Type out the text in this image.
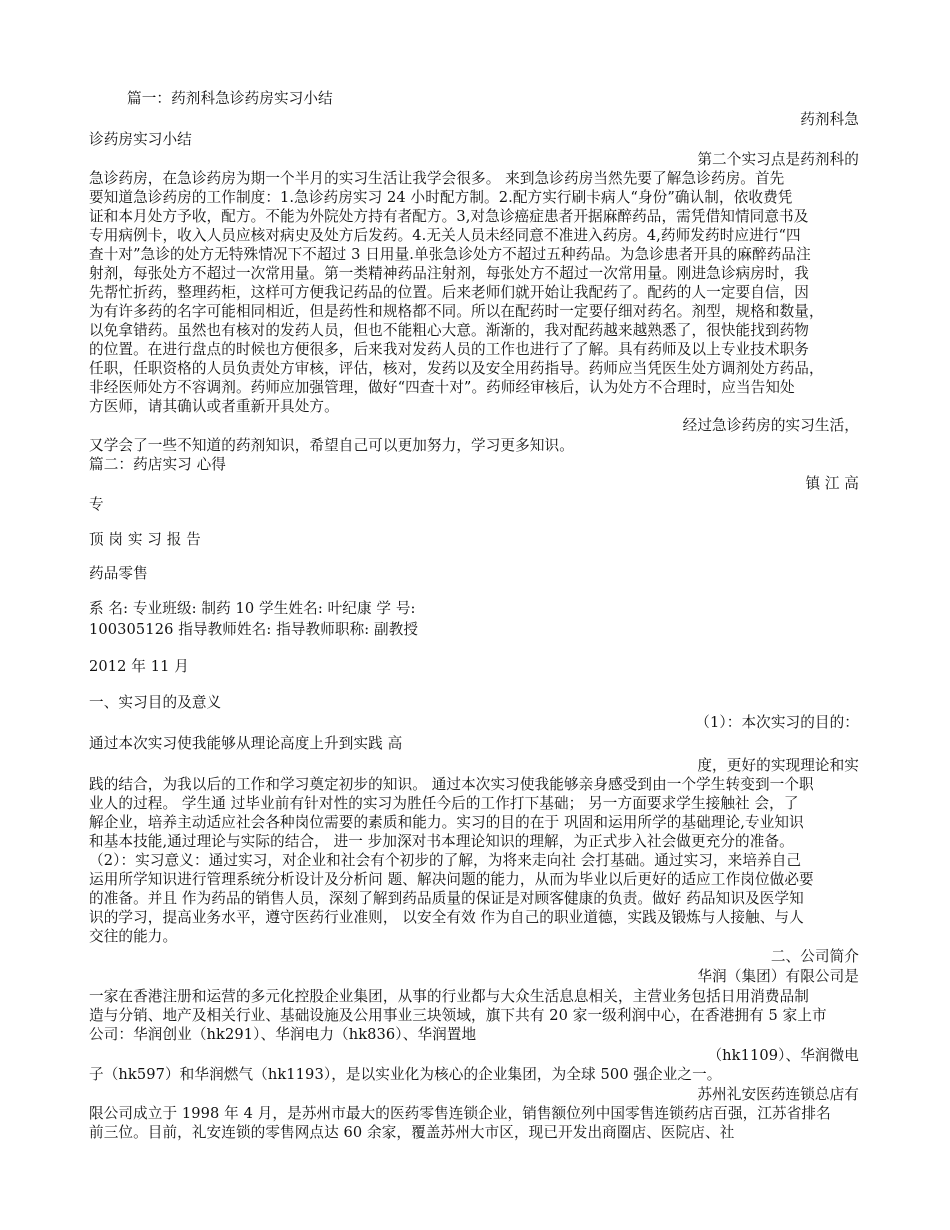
篇一：药剂科急诊药房实习小结
药剂科急
诊药房实习小结
第二个实习点是药剂科的
急诊药房，在急诊药房为期一个半月的实习生活让我学会很多。 来到急诊药房当然先要了解急诊药房。首先
要知道急诊药房的工作制度：1.急诊药房实习 24 小时配方制。2.配方实行刷卡病人“身份”确认制，依收费凭
证和本月处方予收，配方。不能为外院处方持有者配方。3,对急诊癌症患者开据麻醉药品，需凭借知情同意书及
专用病例卡，收入人员应核对病史及处方后发药。4.无关人员未经同意不准进入药房。4,药师发药时应进行“四
查十对”急诊的处方无特殊情况下不超过 3 日用量.单张急诊处方不超过五种药品。为急诊患者开具的麻醉药品注
射剂，每张处方不超过一次常用量。第一类精神药品注射剂，每张处方不超过一次常用量。刚进急诊病房时，我
先帮忙折药，整理药柜，这样可方便我记药品的位置。后来老师们就开始让我配药了。配药的人一定要自信，因
为有许多药的名字可能相同相近，但是药性和规格都不同。所以在配药时一定要仔细对药名。剂型，规格和数量，
以免拿错药。虽然也有核对的发药人员，但也不能粗心大意。渐渐的，我对配药越来越熟悉了，很快能找到药物
的位置。在进行盘点的时候也方便很多，后来我对发药人员的工作也进行了了解。具有药师及以上专业技术职务
任职，任职资格的人员负责处方审核，评估，核对，发药以及安全用药指导。药师应当凭医生处方调剂处方药品，
非经医师处方不容调剂。药师应加强管理，做好“四查十对”。药师经审核后，认为处方不合理时，应当告知处
方医师，请其确认或者重新开具处方。
经过急诊药房的实习生活，
又学会了一些不知道的药剂知识，希望自己可以更加努力，学习更多知识。
篇二：药店实习 心得
镇 江 高
专
顶 岗 实 习 报 告
药品零售
系 名: 专业班级: 制药 10 学生姓名: 叶纪康 学 号:
100305126 指导教师姓名: 指导教师职称: 副教授
2012 年 11 月
一、实习目的及意义
（1）：本次实习的目的：
通过本次实习使我能够从理论高度上升到实践 高
度，更好的实现理论和实
践的结合，为我以后的工作和学习奠定初步的知识。 通过本次实习使我能够亲身感受到由一个学生转变到一个职
业人的过程。 学生通 过毕业前有针对性的实习为胜任今后的工作打下基础； 另一方面要求学生接触社 会，了
解企业，培养主动适应社会各种岗位需要的素质和能力。实习的目的在于 巩固和运用所学的基础理论,专业知识
和基本技能,通过理论与实际的结合， 进一 步加深对书本理论知识的理解，为正式步入社会做更充分的准备。
（2）：实习意义：通过实习，对企业和社会有个初步的了解，为将来走向社 会打基础。通过实习，来培养自己
运用所学知识进行管理系统分析设计及分析问 题、解决问题的能力，从而为毕业以后更好的适应工作岗位做必要
的准备。并且 作为药品的销售人员，深刻了解到药品质量的保证是对顾客健康的负责。做好 药品知识及医学知
识的学习，提高业务水平，遵守医药行业准则， 以安全有效 作为自己的职业道德，实践及锻炼与人接触、与人
交往的能力。
二、公司简介
华润（集团）有限公司是
一家在香港注册和运营的多元化控股企业集团，从事的行业都与大众生活息息相关，主营业务包括日用消费品制
造与分销、地产及相关行业、基础设施及公用事业三块领域，旗下共有 20 家一级利润中心，在香港拥有 5 家上市
公司：华润创业（hk291）、华润电力（hk836）、华润置地
（hk1109）、华润微电
子（hk597）和华润燃气（hk1193），是以实业化为核心的企业集团，为全球 500 强企业之一。
苏州礼安医药连锁总店有
限公司成立于 1998 年 4 月，是苏州市最大的医药零售连锁企业，销售额位列中国零售连锁药店百强，江苏省排名
前三位。目前，礼安连锁的零售网点达 60 余家，覆盖苏州大市区，现已开发出商圈店、医院店、社
